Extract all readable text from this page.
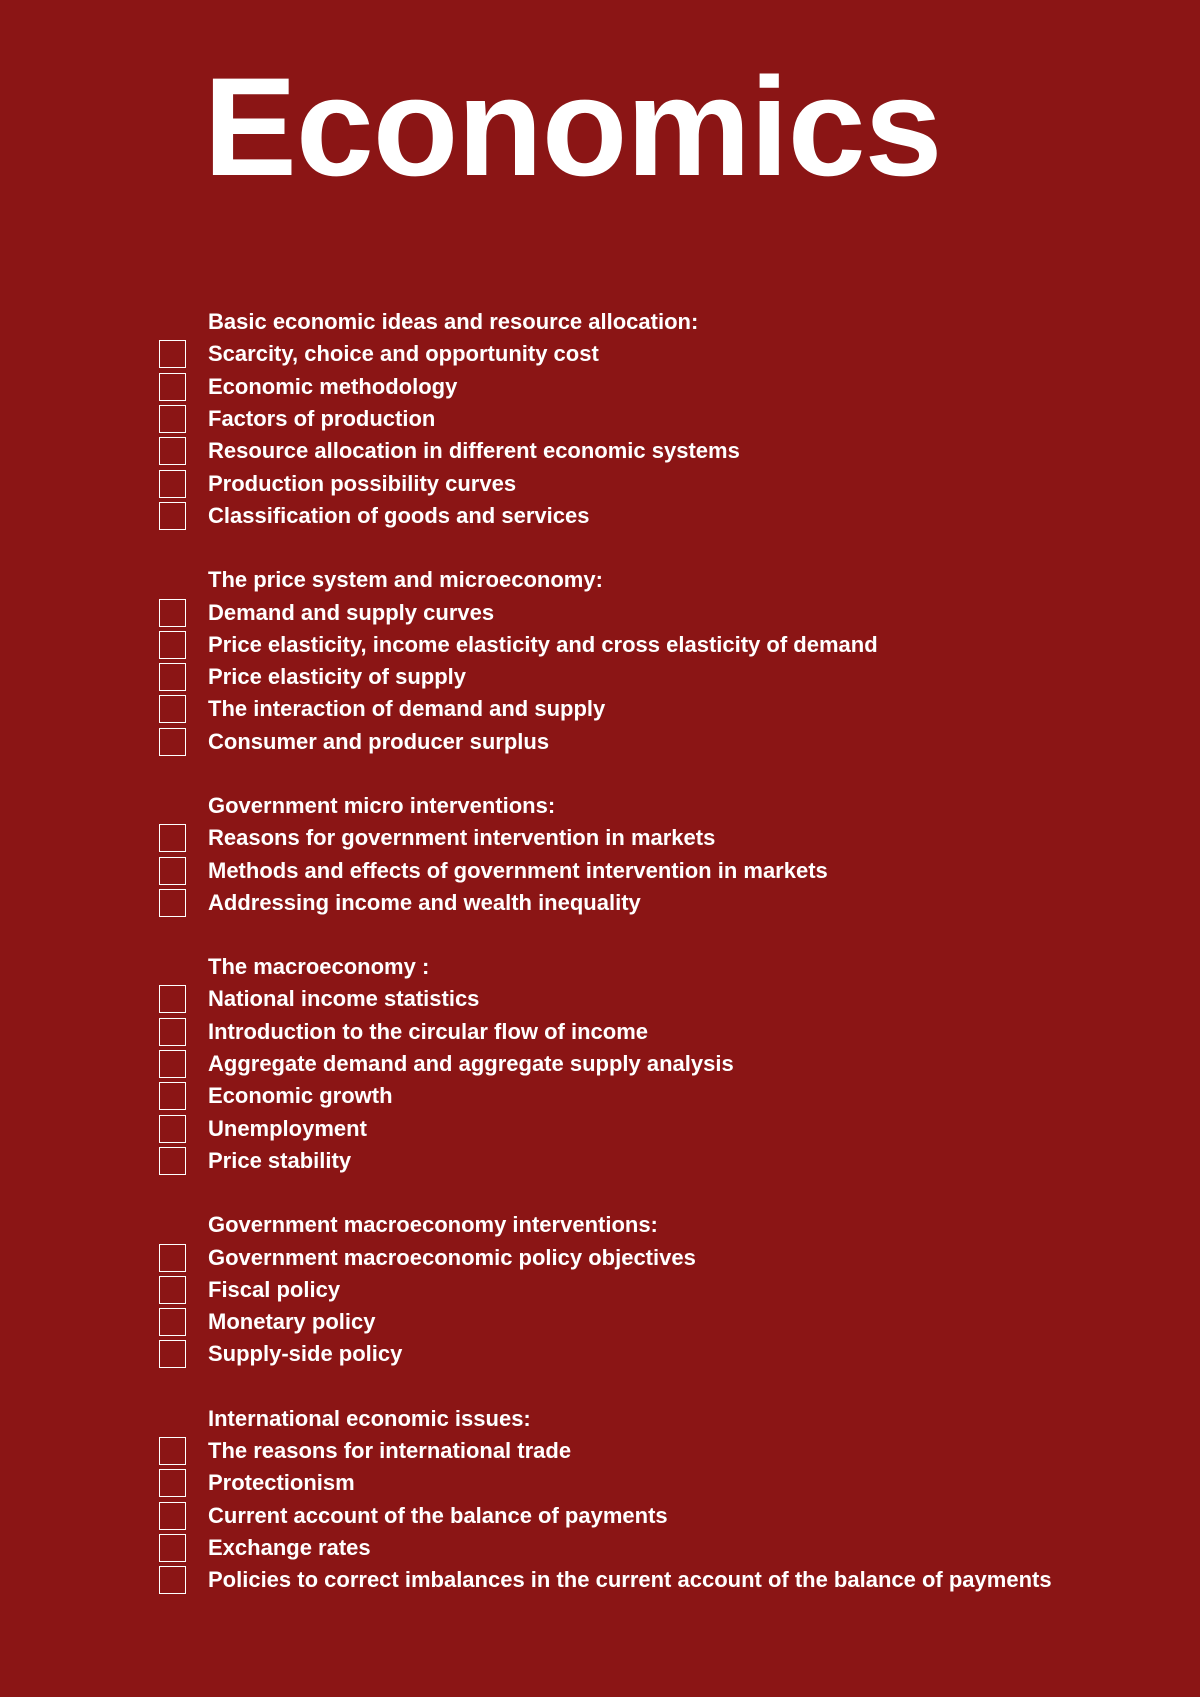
Economics
Basic economic ideas and resource allocation:
Scarcity, choice and opportunity cost
Economic methodology
Factors of production
Resource allocation in different economic systems
Production possibility curves
Classification of goods and services
The price system and microeconomy:
Demand and supply curves
Price elasticity, income elasticity and cross elasticity of demand
Price elasticity of supply
The interaction of demand and supply
Consumer and producer surplus
Government micro interventions:
Reasons for government intervention in markets
Methods and effects of government intervention in markets
Addressing income and wealth inequality
The macroeconomy :
National income statistics
Introduction to the circular flow of income
Aggregate demand and aggregate supply analysis
Economic growth
Unemployment
Price stability
Government macroeconomy interventions:
Government macroeconomic policy objectives
Fiscal policy
Monetary policy
Supply-side policy
International economic issues:
The reasons for international trade
Protectionism
Current account of the balance of payments
Exchange rates
Policies to correct imbalances in the current account of the balance of payments
